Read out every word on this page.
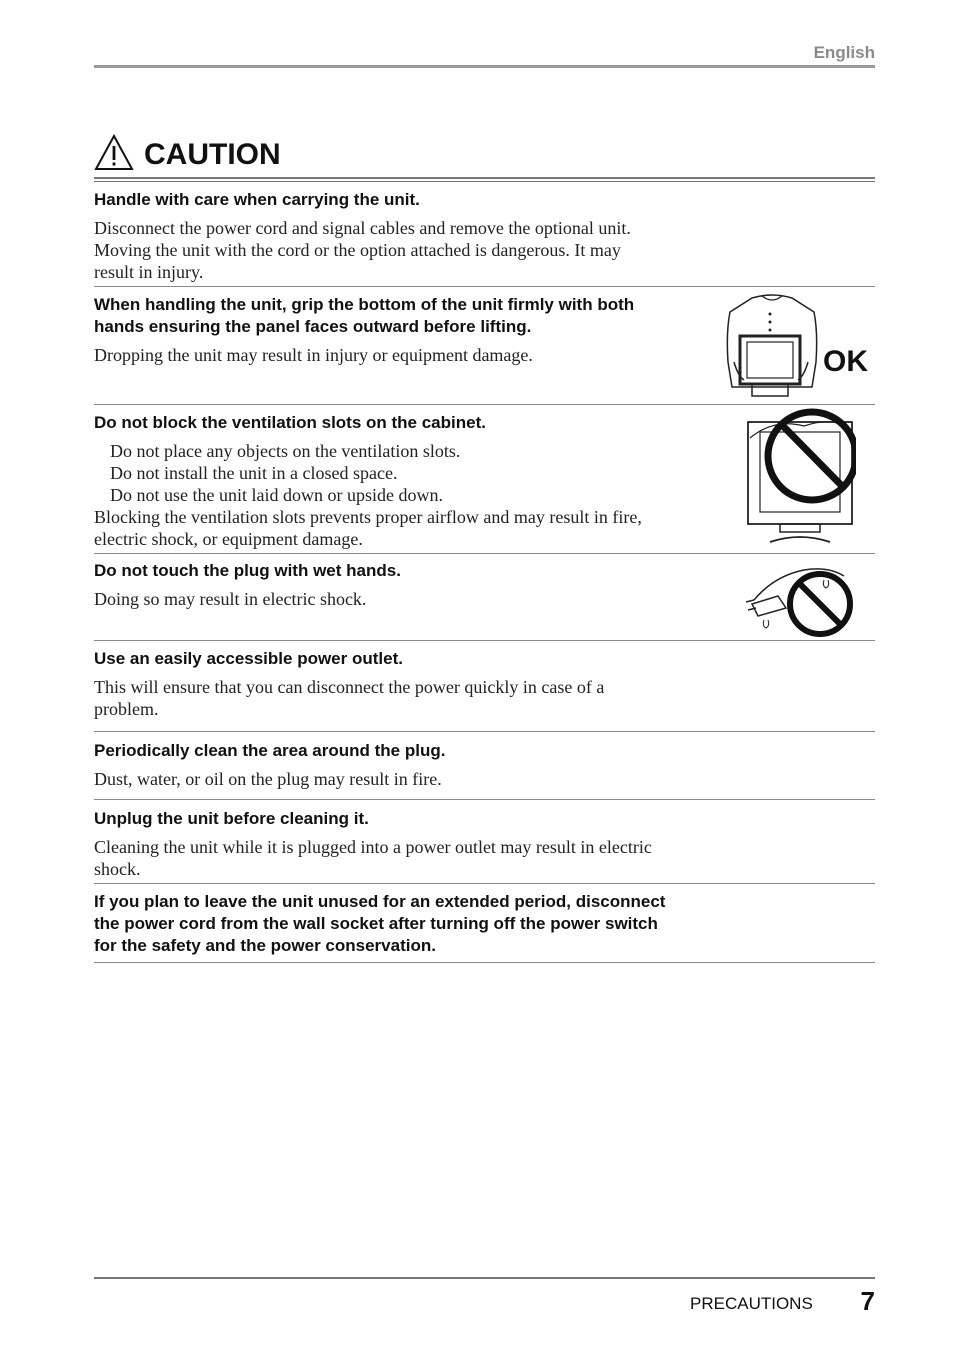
English
CAUTION
Handle with care when carrying the unit.
Disconnect the power cord and signal cables and remove the optional unit.
Moving the unit with the cord or the option attached is dangerous. It may
result in injury.
When handling the unit, grip the bottom of the unit firmly with both
hands ensuring the panel faces outward before lifting.
Dropping the unit may result in injury or equipment damage.	OK
Do not block the ventilation slots on the cabinet.
Do not place any objects on the ventilation slots.
Do not install the unit in a closed space.
Do not use the unit laid down or upside down.
Blocking the ventilation slots prevents proper airflow and may result in fire,
electric shock, or equipment damage.
Do not touch the plug with wet hands.
Doing so may result in electric shock.
Use an easily accessible power outlet.
This will ensure that you can disconnect the power quickly in case of a
problem.
Periodically clean the area around the plug.
Dust, water, or oil on the plug may result in fire.
Unplug the unit before cleaning it.
Cleaning the unit while it is plugged into a power outlet may result in electric
shock.
If you plan to leave the unit unused for an extended period, disconnect
the power cord from the wall socket after turning off the power switch
for the safety and the power conservation.
PRECAUTIONS 7
